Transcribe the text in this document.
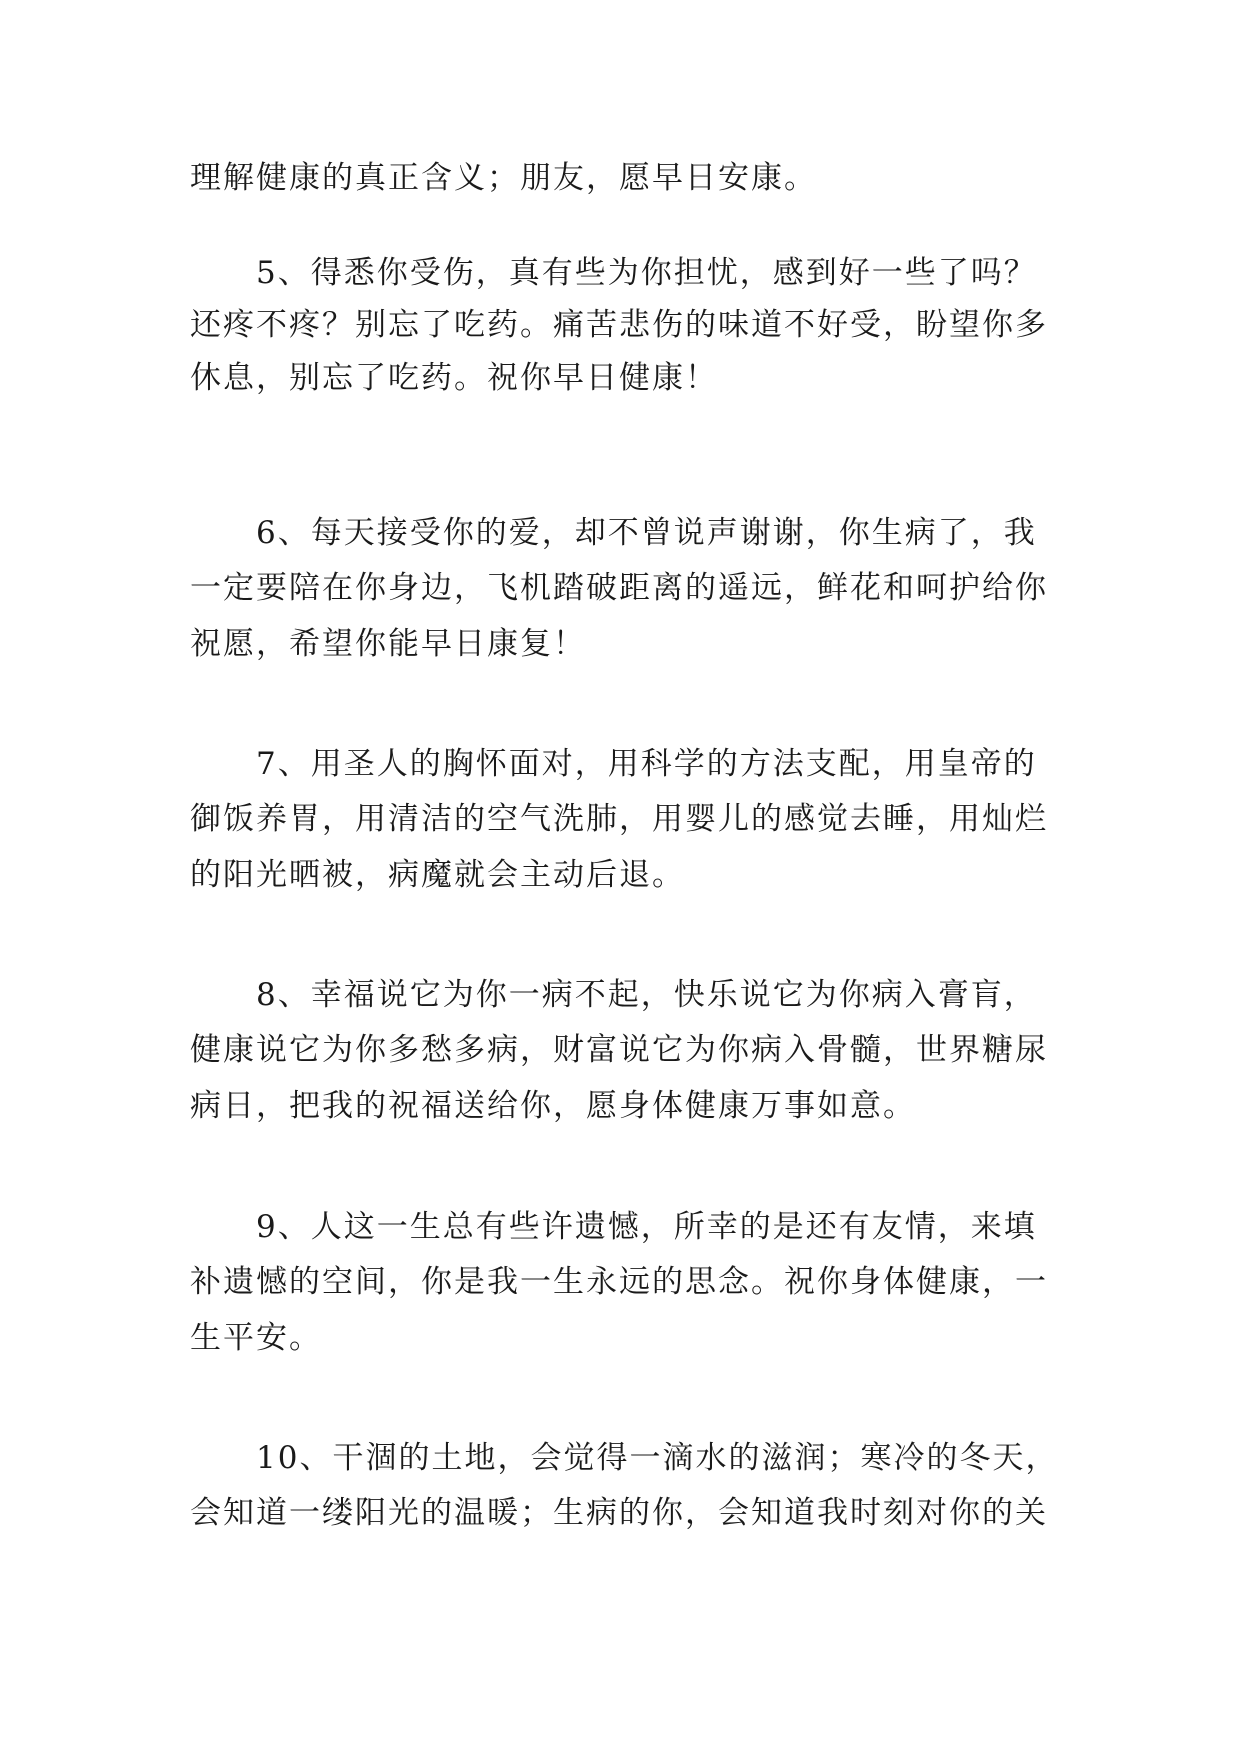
理解健康的真正含义；朋友，愿早日安康。
5、得悉你受伤，真有些为你担忧，感到好一些了吗？
还疼不疼？别忘了吃药。痛苦悲伤的味道不好受，盼望你多
休息，别忘了吃药。祝你早日健康！
6、每天接受你的爱，却不曾说声谢谢，你生病了，我
一定要陪在你身边，飞机踏破距离的遥远，鲜花和呵护给你
祝愿，希望你能早日康复！
7、用圣人的胸怀面对，用科学的方法支配，用皇帝的
御饭养胃，用清洁的空气洗肺，用婴儿的感觉去睡，用灿烂
的阳光晒被，病魔就会主动后退。
8、幸福说它为你一病不起，快乐说它为你病入膏肓，
健康说它为你多愁多病，财富说它为你病入骨髓，世界糖尿
病日，把我的祝福送给你，愿身体健康万事如意。
9、人这一生总有些许遗憾，所幸的是还有友情，来填
补遗憾的空间，你是我一生永远的思念。祝你身体健康，一
生平安。
10、干涸的土地，会觉得一滴水的滋润；寒冷的冬天，
会知道一缕阳光的温暖；生病的你，会知道我时刻对你的关
